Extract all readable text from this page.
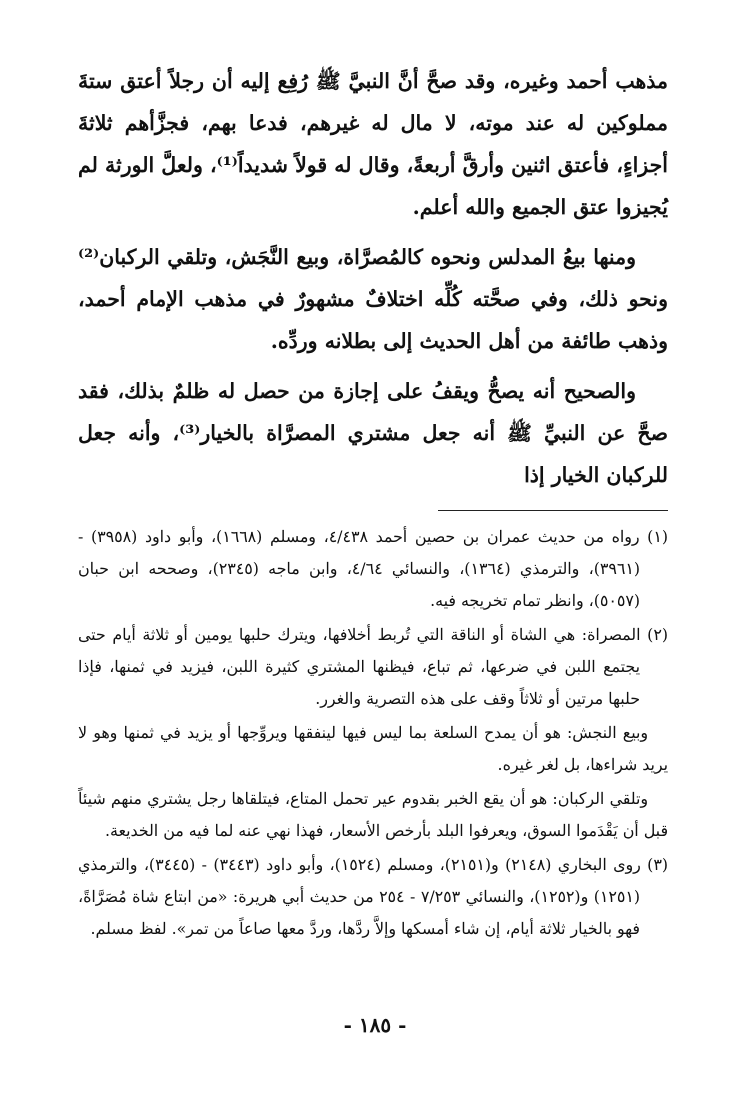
مذهب أحمد وغيره، وقد صحَّ أنَّ النبيَّ ﷺ رُفِع إليه أن رجلاً أعتق ستةَ مملوكين له عند موته، لا مال له غيرهم، فدعا بهم، فجزَّأهم ثلاثةَ أجزاءٍ، فأعتق اثنين وأرقَّ أربعةً، وقال له قولاً شديداً⁽¹⁾، ولعلَّ الورثة لم يُجيزوا عتق الجميع والله أعلم.

ومنها بيعُ المدلس ونحوه كالمُصرَّاة، وبيع النَّجَش، وتلقي الركبان⁽²⁾ ونحو ذلك، وفي صحَّته كُلِّه اختلافٌ مشهورٌ في مذهب الإمام أحمد، وذهب طائفة من أهل الحديث إلى بطلانه وردِّه.

والصحيح أنه يصحُّ ويقفُ على إجازة من حصل له ظلمٌ بذلك، فقد صحَّ عن النبيِّ ﷺ أنه جعل مشتري المصرَّاة بالخيار⁽³⁾، وأنه جعل للركبان الخيار إذا

(١) رواه من حديث عمران بن حصين أحمد ٤/٤٣٨، ومسلم (١٦٦٨)، وأبو داود (٣٩٥٨) - (٣٩٦١)، والترمذي (١٣٦٤)، والنسائي ٤/٦٤، وابن ماجه (٢٣٤٥)، وصححه ابن حبان (٥٠٥٧)، وانظر تمام تخريجه فيه.

(٢) المصراة: هي الشاة أو الناقة التي تُربط أخلافها، ويترك حلبها يومين أو ثلاثة أيام حتى يجتمع اللبن في ضرعها، ثم تباع، فيظنها المشتري كثيرة اللبن، فيزيد في ثمنها، فإذا حلبها مرتين أو ثلاثاً وقف على هذه التصرية والغرر.

وبيع النجش: هو أن يمدح السلعة بما ليس فيها لينفقها ويروِّجها أو يزيد في ثمنها وهو لا يريد شراءها، بل لغر غيره.

وتلقي الركبان: هو أن يقع الخبر بقدوم عير تحمل المتاع، فيتلقاها رجل يشتري منهم شيئاً قبل أن يَقْدَموا السوق، ويعرفوا البلد بأرخص الأسعار، فهذا نهي عنه لما فيه من الخديعة.

(٣) روى البخاري (٢١٤٨) و(٢١٥١)، ومسلم (١٥٢٤)، وأبو داود (٣٤٤٣) - (٣٤٤٥)، والترمذي (١٢٥١) و(١٢٥٢)، والنسائي ٧/٢٥٣ - ٢٥٤ من حديث أبي هريرة: «من ابتاع شاة مُصَرَّاةً، فهو بالخيار ثلاثة أيام، إن شاء أمسكها وإلاَّ ردَّها، وردَّ معها صاعاً من تمر». لفظ مسلم.

- ١٨٥ -
